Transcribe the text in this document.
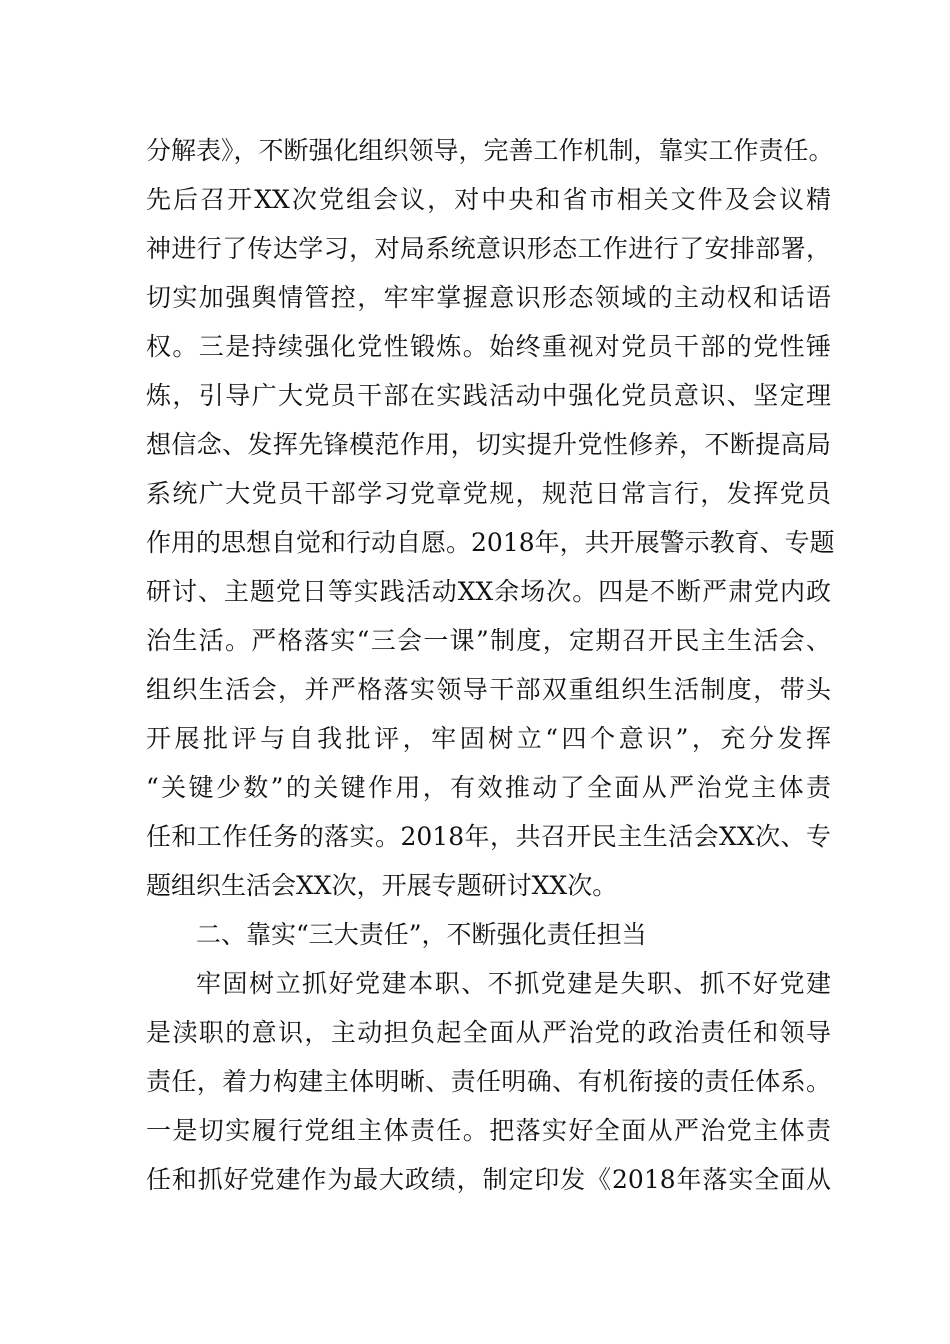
分解表》，不断强化组织领导，完善工作机制，靠实工作责任。
先后召开XX次党组会议，对中央和省市相关文件及会议精
神进行了传达学习，对局系统意识形态工作进行了安排部署，
切实加强舆情管控，牢牢掌握意识形态领域的主动权和话语
权。三是持续强化党性锻炼。始终重视对党员干部的党性锤
炼，引导广大党员干部在实践活动中强化党员意识、坚定理
想信念、发挥先锋模范作用，切实提升党性修养，不断提高局
系统广大党员干部学习党章党规，规范日常言行，发挥党员
作用的思想自觉和行动自愿。2018年，共开展警示教育、专题
研讨、主题党日等实践活动XX余场次。四是不断严肃党内政
治生活。严格落实“三会一课”制度，定期召开民主生活会、
组织生活会，并严格落实领导干部双重组织生活制度，带头
开展批评与自我批评，牢固树立“四个意识”，充分发挥
“关键少数”的关键作用，有效推动了全面从严治党主体责
任和工作任务的落实。2018年，共召开民主生活会XX次、专
题组织生活会XX次，开展专题研讨XX次。
二、靠实“三大责任”，不断强化责任担当
牢固树立抓好党建本职、不抓党建是失职、抓不好党建
是渎职的意识，主动担负起全面从严治党的政治责任和领导
责任，着力构建主体明晰、责任明确、有机衔接的责任体系。
一是切实履行党组主体责任。把落实好全面从严治党主体责
任和抓好党建作为最大政绩，制定印发《2018年落实全面从
